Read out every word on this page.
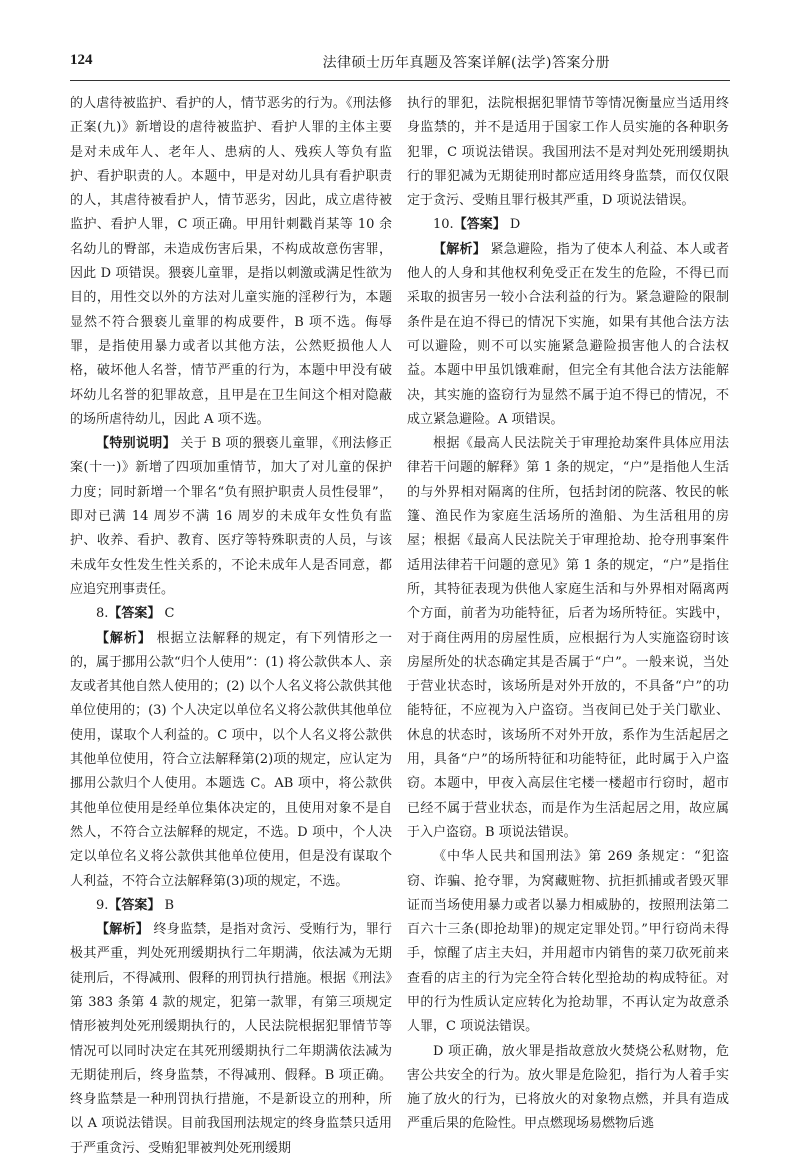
124	法律硕士历年真题及答案详解(法学)答案分册

的人虐待被监护、看护的人，情节恶劣的行为。《刑法修正案(九)》新增设的虐待被监护、看护人罪的主体主要是对未成年人、老年人、患病的人、残疾人等负有监护、看护职责的人。本题中，甲是对幼儿具有看护职责的人，其虐待被看护人，情节恶劣，因此，成立虐待被监护、看护人罪，C 项正确。甲用针刺戳肖某等 10 余名幼儿的臀部，未造成伤害后果，不构成故意伤害罪，因此 D 项错误。猥亵儿童罪，是指以刺激或满足性欲为目的，用性交以外的方法对儿童实施的淫秽行为，本题显然不符合猥亵儿童罪的构成要件，B 项不选。侮辱罪，是指使用暴力或者以其他方法，公然贬损他人人格，破坏他人名誉，情节严重的行为，本题中甲没有破坏幼儿名誉的犯罪故意，且甲是在卫生间这个相对隐蔽的场所虐待幼儿，因此 A 项不选。

【特别说明】 关于 B 项的猥亵儿童罪，《刑法修正案(十一)》新增了四项加重情节，加大了对儿童的保护力度；同时新增一个罪名“负有照护职责人员性侵罪”，即对已满 14 周岁不满 16 周岁的未成年女性负有监护、收养、看护、教育、医疗等特殊职责的人员，与该未成年女性发生性关系的，不论未成年人是否同意，都应追究刑事责任。

8.【答案】 C

【解析】 根据立法解释的规定，有下列情形之一的，属于挪用公款“归个人使用”：(1) 将公款供本人、亲友或者其他自然人使用的；(2) 以个人名义将公款供其他单位使用的；(3) 个人决定以单位名义将公款供其他单位使用，谋取个人利益的。C 项中，以个人名义将公款供其他单位使用，符合立法解释第(2)项的规定，应认定为挪用公款归个人使用。本题选 C。AB 项中，将公款供其他单位使用是经单位集体决定的，且使用对象不是自然人，不符合立法解释的规定，不选。D 项中，个人决定以单位名义将公款供其他单位使用，但是没有谋取个人利益，不符合立法解释第(3)项的规定，不选。

9.【答案】 B

【解析】 终身监禁，是指对贪污、受贿行为，罪行极其严重，判处死刑缓期执行二年期满，依法减为无期徒刑后，不得减刑、假释的刑罚执行措施。根据《刑法》第 383 条第 4 款的规定，犯第一款罪，有第三项规定情形被判处死刑缓期执行的，人民法院根据犯罪情节等情况可以同时决定在其死刑缓期执行二年期满依法减为无期徒刑后，终身监禁，不得减刑、假释。B 项正确。终身监禁是一种刑罚执行措施，不是新设立的刑种，所以 A 项说法错误。目前我国刑法规定的终身监禁只适用于严重贪污、受贿犯罪被判处死刑缓期

执行的罪犯，法院根据犯罪情节等情况衡量应当适用终身监禁的，并不是适用于国家工作人员实施的各种职务犯罪，C 项说法错误。我国刑法不是对判处死刑缓期执行的罪犯减为无期徒刑时都应适用终身监禁，而仅仅限定于贪污、受贿且罪行极其严重，D 项说法错误。

10.【答案】 D

【解析】 紧急避险，指为了使本人利益、本人或者他人的人身和其他权利免受正在发生的危险，不得已而采取的损害另一较小合法利益的行为。紧急避险的限制条件是在迫不得已的情况下实施，如果有其他合法方法可以避险，则不可以实施紧急避险损害他人的合法权益。本题中甲虽饥饿难耐，但完全有其他合法方法能解决，其实施的盗窃行为显然不属于迫不得已的情况，不成立紧急避险。A 项错误。

根据《最高人民法院关于审理抢劫案件具体应用法律若干问题的解释》第 1 条的规定，“户”是指他人生活的与外界相对隔离的住所，包括封闭的院落、牧民的帐篷、渔民作为家庭生活场所的渔船、为生活租用的房屋；根据《最高人民法院关于审理抢劫、抢夺刑事案件适用法律若干问题的意见》第 1 条的规定，“户”是指住所，其特征表现为供他人家庭生活和与外界相对隔离两个方面，前者为功能特征，后者为场所特征。实践中，对于商住两用的房屋性质，应根据行为人实施盗窃时该房屋所处的状态确定其是否属于“户”。一般来说，当处于营业状态时，该场所是对外开放的，不具备“户”的功能特征，不应视为入户盗窃。当夜间已处于关门歇业、休息的状态时，该场所不对外开放，系作为生活起居之用，具备“户”的场所特征和功能特征，此时属于入户盗窃。本题中，甲夜入高层住宅楼一楼超市行窃时，超市已经不属于营业状态，而是作为生活起居之用，故应属于入户盗窃。B 项说法错误。

《中华人民共和国刑法》第 269 条规定：“犯盗窃、诈骗、抢夺罪，为窝藏赃物、抗拒抓捕或者毁灭罪证而当场使用暴力或者以暴力相威胁的，按照刑法第二百六十三条(即抢劫罪)的规定定罪处罚。”甲行窃尚未得手，惊醒了店主夫妇，并用超市内销售的菜刀砍死前来查看的店主的行为完全符合转化型抢劫的构成特征。对甲的行为性质认定应转化为抢劫罪，不再认定为故意杀人罪，C 项说法错误。

D 项正确，放火罪是指故意放火焚烧公私财物，危害公共安全的行为。放火罪是危险犯，指行为人着手实施了放火的行为，已将放火的对象物点燃，并具有造成严重后果的危险性。甲点燃现场易燃物后逃
